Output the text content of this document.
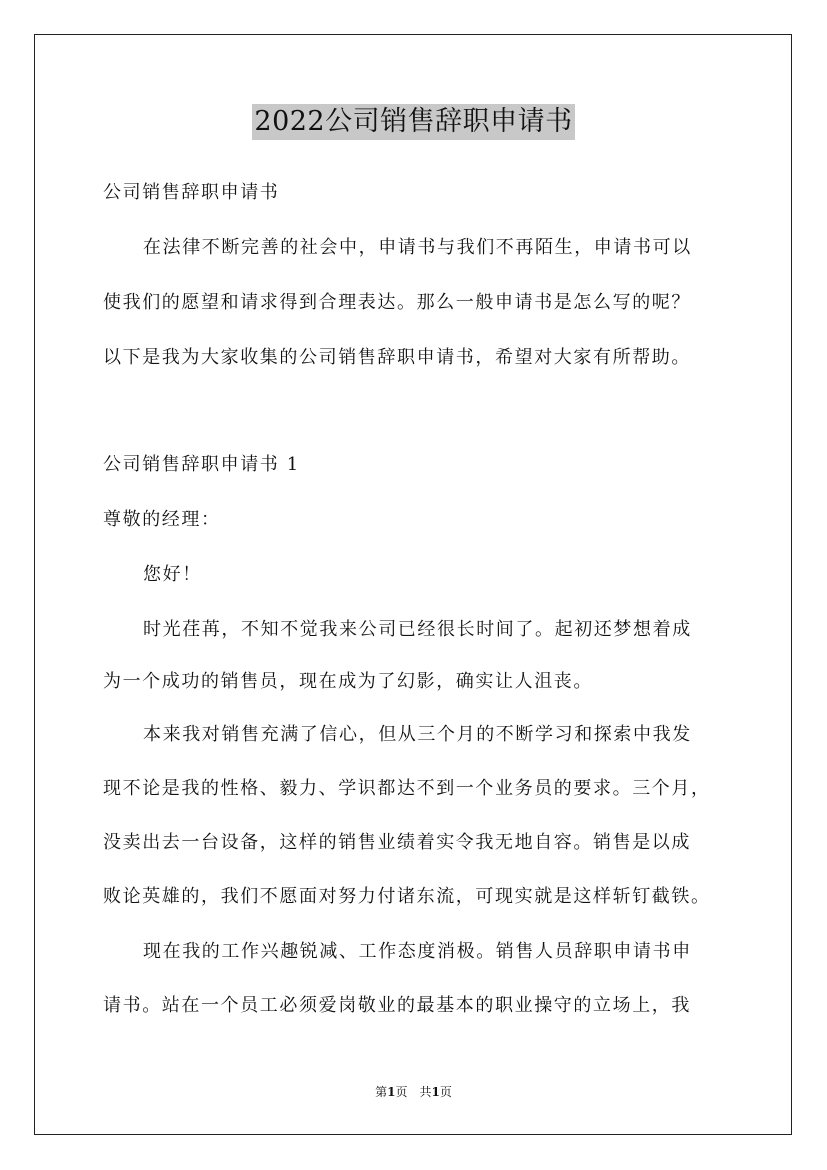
2022公司销售辞职申请书
公司销售辞职申请书
在法律不断完善的社会中，申请书与我们不再陌生，申请书可以
使我们的愿望和请求得到合理表达。那么一般申请书是怎么写的呢？
以下是我为大家收集的公司销售辞职申请书，希望对大家有所帮助。
公司销售辞职申请书 1
尊敬的经理：
您好！
时光荏苒，不知不觉我来公司已经很长时间了。起初还梦想着成
为一个成功的销售员，现在成为了幻影，确实让人沮丧。
本来我对销售充满了信心，但从三个月的不断学习和探索中我发
现不论是我的性格、毅力、学识都达不到一个业务员的要求。三个月，
没卖出去一台设备，这样的销售业绩着实令我无地自容。销售是以成
败论英雄的，我们不愿面对努力付诸东流，可现实就是这样斩钉截铁。
现在我的工作兴趣锐减、工作态度消极。销售人员辞职申请书申
请书。站在一个员工必须爱岗敬业的最基本的职业操守的立场上，我
第1页 共1页
